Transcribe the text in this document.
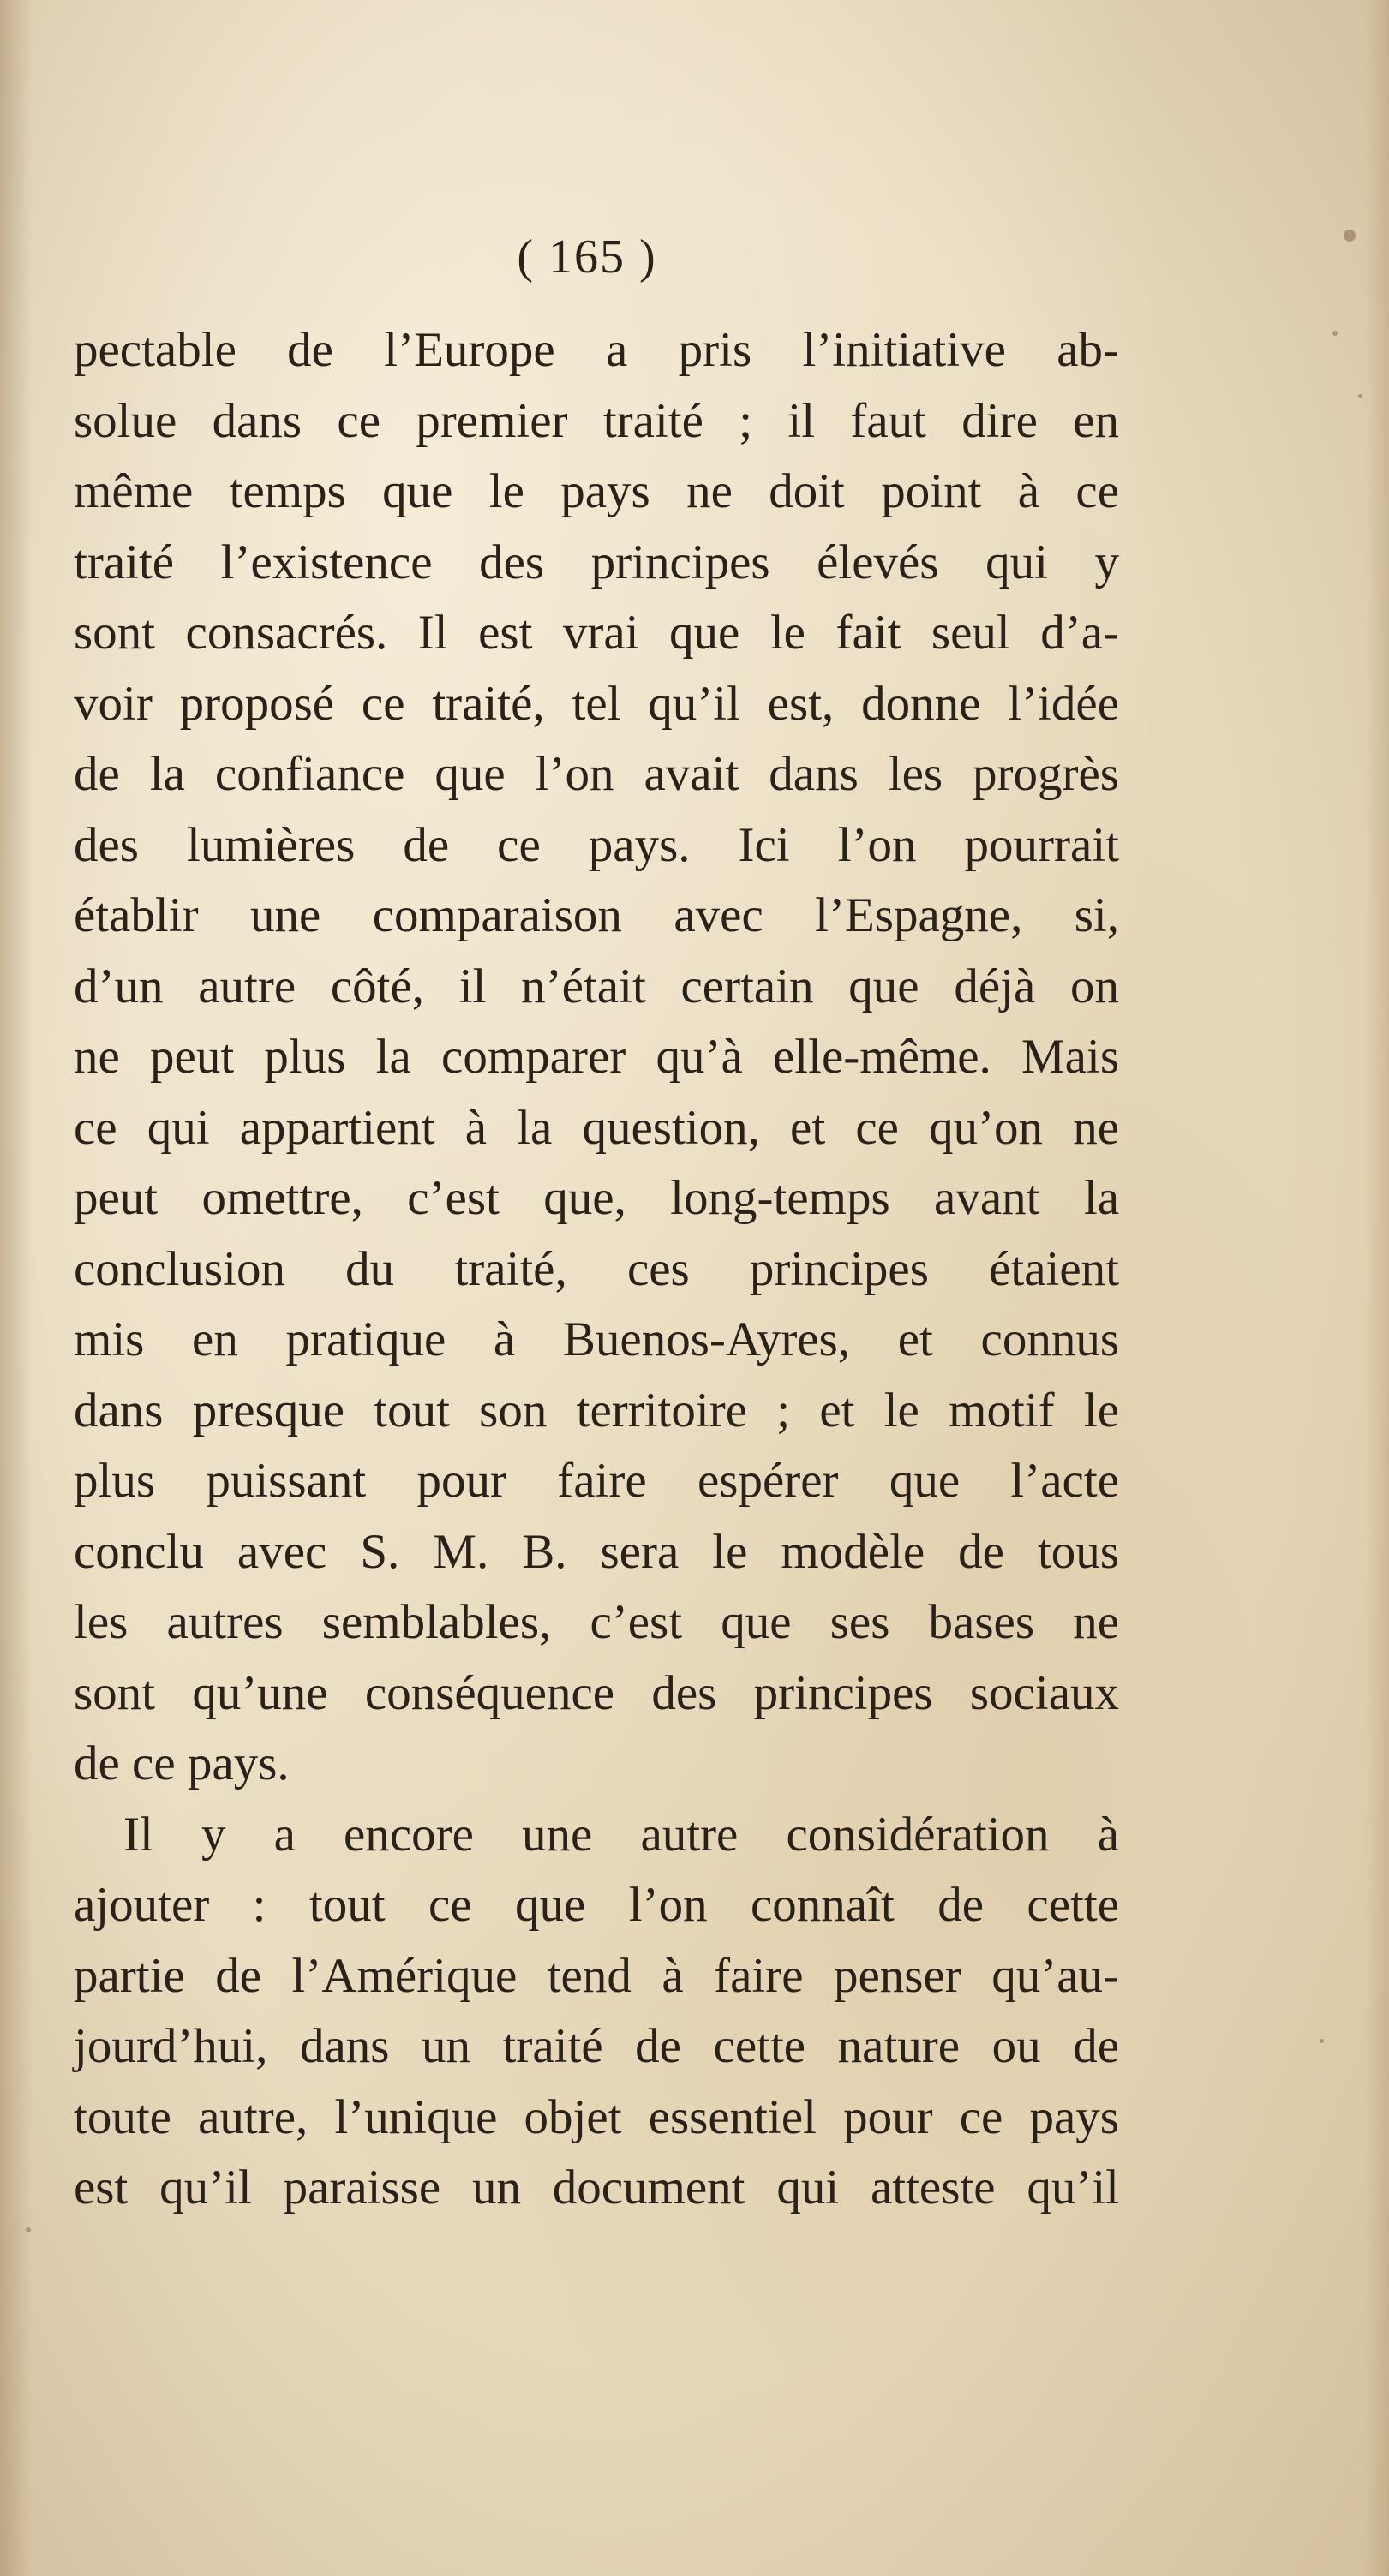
( 165 )
pectable de l’Europe a pris l’initiative ab-
solue dans ce premier traité ; il faut dire en
même temps que le pays ne doit point à ce
traité l’existence des principes élevés qui y
sont consacrés. Il est vrai que le fait seul d’a-
voir proposé ce traité, tel qu’il est, donne l’idée
de la confiance que l’on avait dans les progrès
des lumières de ce pays. Ici l’on pourrait
établir une comparaison avec l’Espagne, si,
d’un autre côté, il n’était certain que déjà on
ne peut plus la comparer qu’à elle-même. Mais
ce qui appartient à la question, et ce qu’on ne
peut omettre, c’est que, long-temps avant la
conclusion du traité, ces principes étaient
mis en pratique à Buenos-Ayres, et connus
dans presque tout son territoire ; et le motif le
plus puissant pour faire espérer que l’acte
conclu avec S. M. B. sera le modèle de tous
les autres semblables, c’est que ses bases ne
sont qu’une conséquence des principes sociaux
de ce pays.
Il y a encore une autre considération à
ajouter : tout ce que l’on connaît de cette
partie de l’Amérique tend à faire penser qu’au-
jourd’hui, dans un traité de cette nature ou de
toute autre, l’unique objet essentiel pour ce pays
est qu’il paraisse un document qui atteste qu’il
